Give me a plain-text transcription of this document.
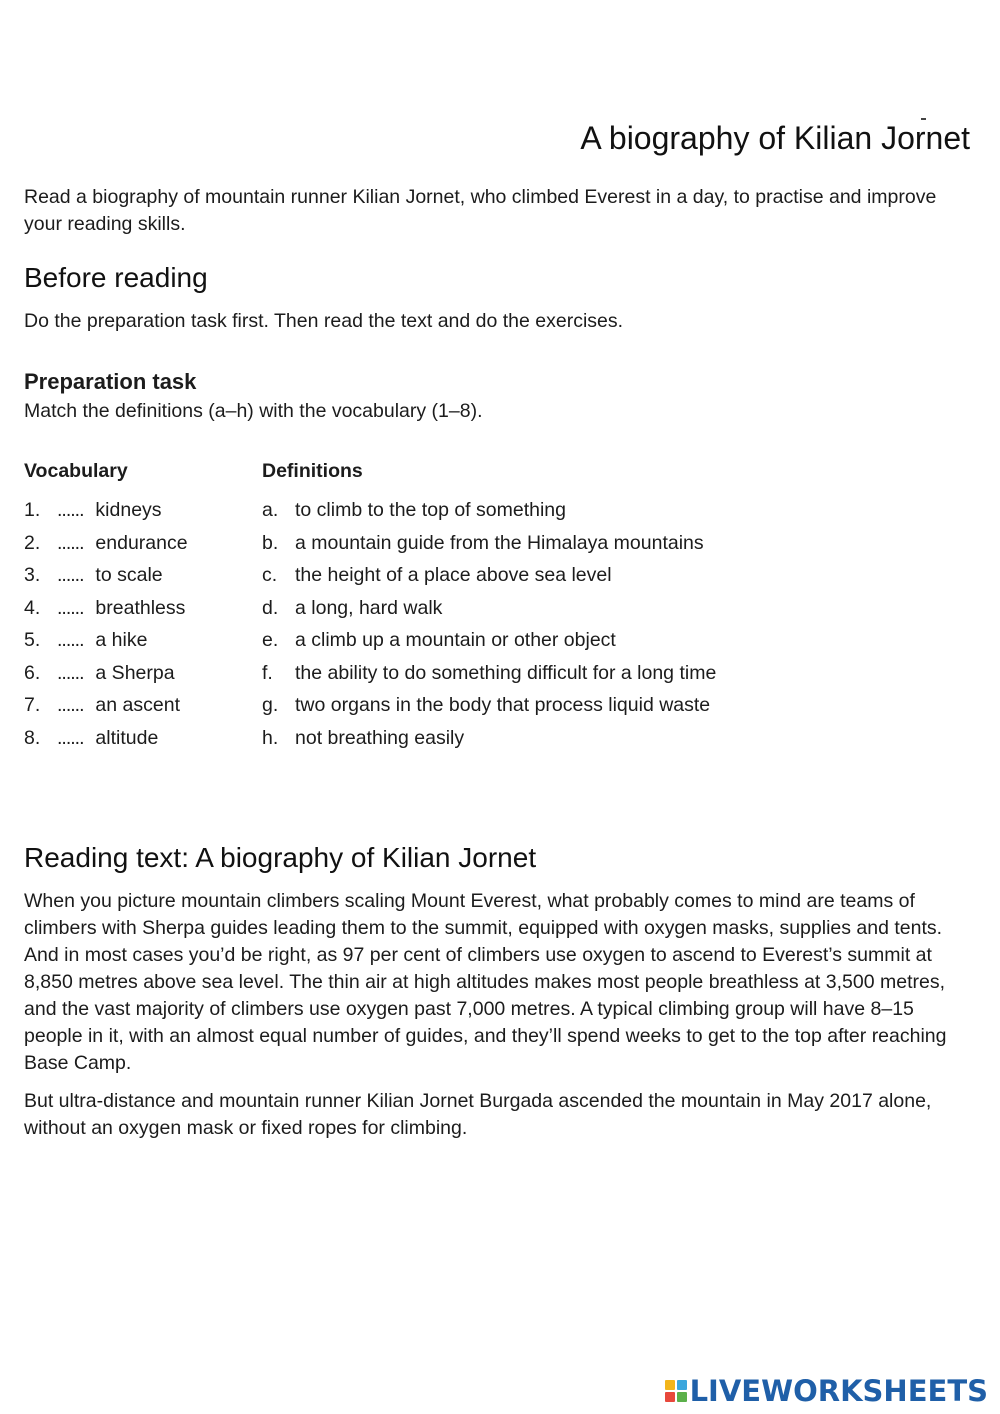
A biography of Kilian Jornet

Read a biography of mountain runner Kilian Jornet, who climbed Everest in a day, to practise and improve your reading skills.

Before reading

Do the preparation task first. Then read the text and do the exercises.

Preparation task

Match the definitions (a–h) with the vocabulary (1–8).

Vocabulary	Definitions

1. ...... kidneys
2. ...... endurance
3. ...... to scale
4. ...... breathless
5. ...... a hike
6. ...... a Sherpa
7. ...... an ascent
8. ...... altitude
a. to climb to the top of something
b. a mountain guide from the Himalaya mountains
c. the height of a place above sea level
d. a long, hard walk
e. a climb up a mountain or other object
f. the ability to do something difficult for a long time
g. two organs in the body that process liquid waste
h. not breathing easily
Reading text: A biography of Kilian Jornet

When you picture mountain climbers scaling Mount Everest, what probably comes to mind are teams of climbers with Sherpa guides leading them to the summit, equipped with oxygen masks, supplies and tents. And in most cases you’d be right, as 97 per cent of climbers use oxygen to ascend to Everest’s summit at 8,850 metres above sea level. The thin air at high altitudes makes most people breathless at 3,500 metres, and the vast majority of climbers use oxygen past 7,000 metres. A typical climbing group will have 8–15 people in it, with an almost equal number of guides, and they’ll spend weeks to get to the top after reaching Base Camp.

But ultra-distance and mountain runner Kilian Jornet Burgada ascended the mountain in May 2017 alone, without an oxygen mask or fixed ropes for climbing.

LIVEWORKSHEETS
